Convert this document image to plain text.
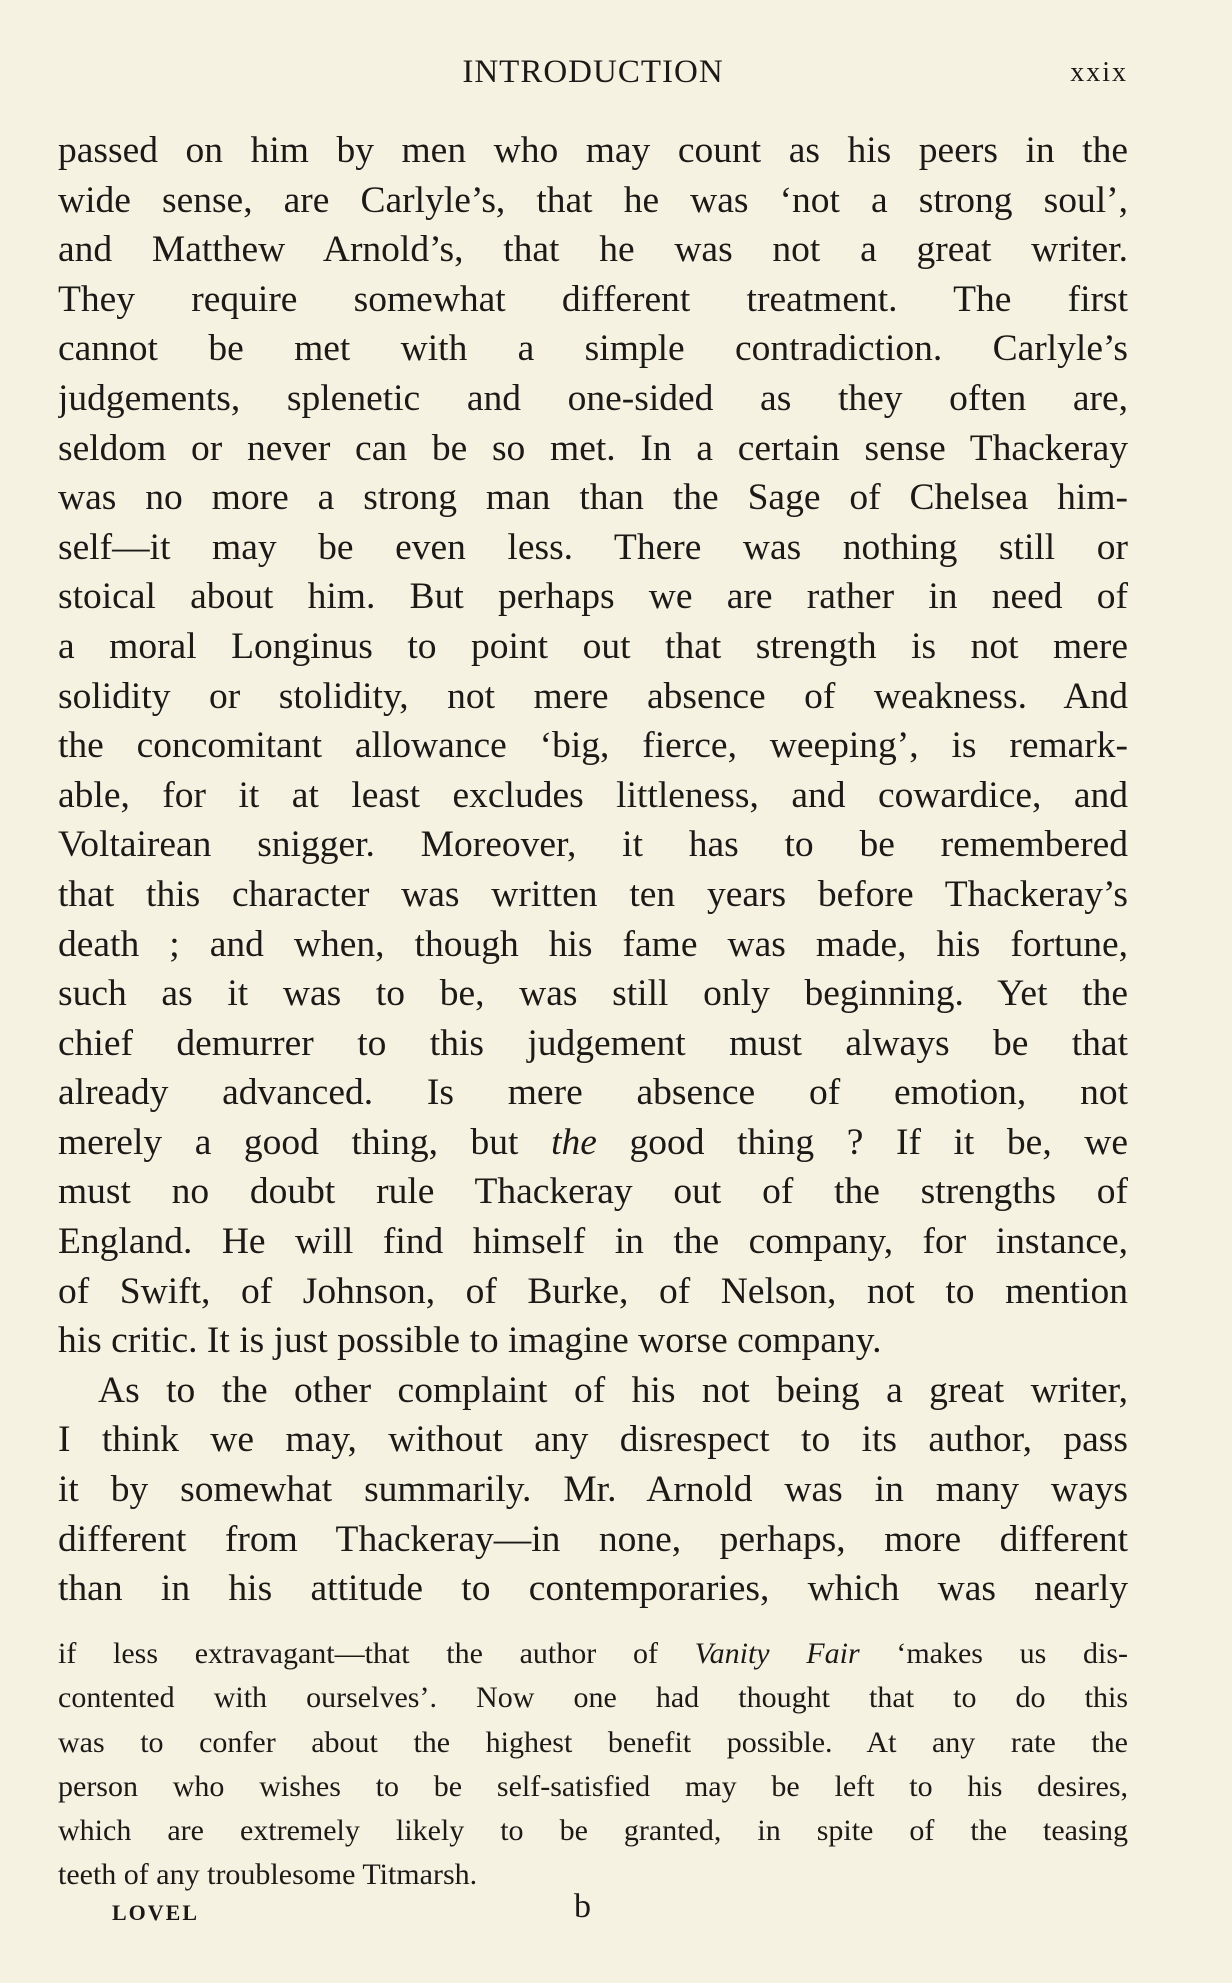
INTRODUCTION	xxix
passed on him by men who may count as his peers in the
wide sense, are Carlyle’s, that he was ‘not a strong soul’,
and Matthew Arnold’s, that he was not a great writer.
They require somewhat different treatment. The first
cannot be met with a simple contradiction. Carlyle’s
judgements, splenetic and one-sided as they often are,
seldom or never can be so met. In a certain sense Thackeray
was no more a strong man than the Sage of Chelsea him-
self—it may be even less. There was nothing still or
stoical about him. But perhaps we are rather in need of
a moral Longinus to point out that strength is not mere
solidity or stolidity, not mere absence of weakness. And
the concomitant allowance ‘big, fierce, weeping’, is remark-
able, for it at least excludes littleness, and cowardice, and
Voltairean snigger. Moreover, it has to be remembered
that this character was written ten years before Thackeray’s
death ; and when, though his fame was made, his fortune,
such as it was to be, was still only beginning. Yet the
chief demurrer to this judgement must always be that
already advanced. Is mere absence of emotion, not
merely a good thing, but the good thing ? If it be, we
must no doubt rule Thackeray out of the strengths of
England. He will find himself in the company, for instance,
of Swift, of Johnson, of Burke, of Nelson, not to mention
his critic. It is just possible to imagine worse company.
As to the other complaint of his not being a great writer,
I think we may, without any disrespect to its author, pass
it by somewhat summarily. Mr. Arnold was in many ways
different from Thackeray—in none, perhaps, more different
than in his attitude to contemporaries, which was nearly
if less extravagant—that the author of Vanity Fair ‘makes us dis-
contented with ourselves’. Now one had thought that to do this
was to confer about the highest benefit possible. At any rate the
person who wishes to be self-satisfied may be left to his desires,
which are extremely likely to be granted, in spite of the teasing
teeth of any troublesome Titmarsh.
LOVEL	b
